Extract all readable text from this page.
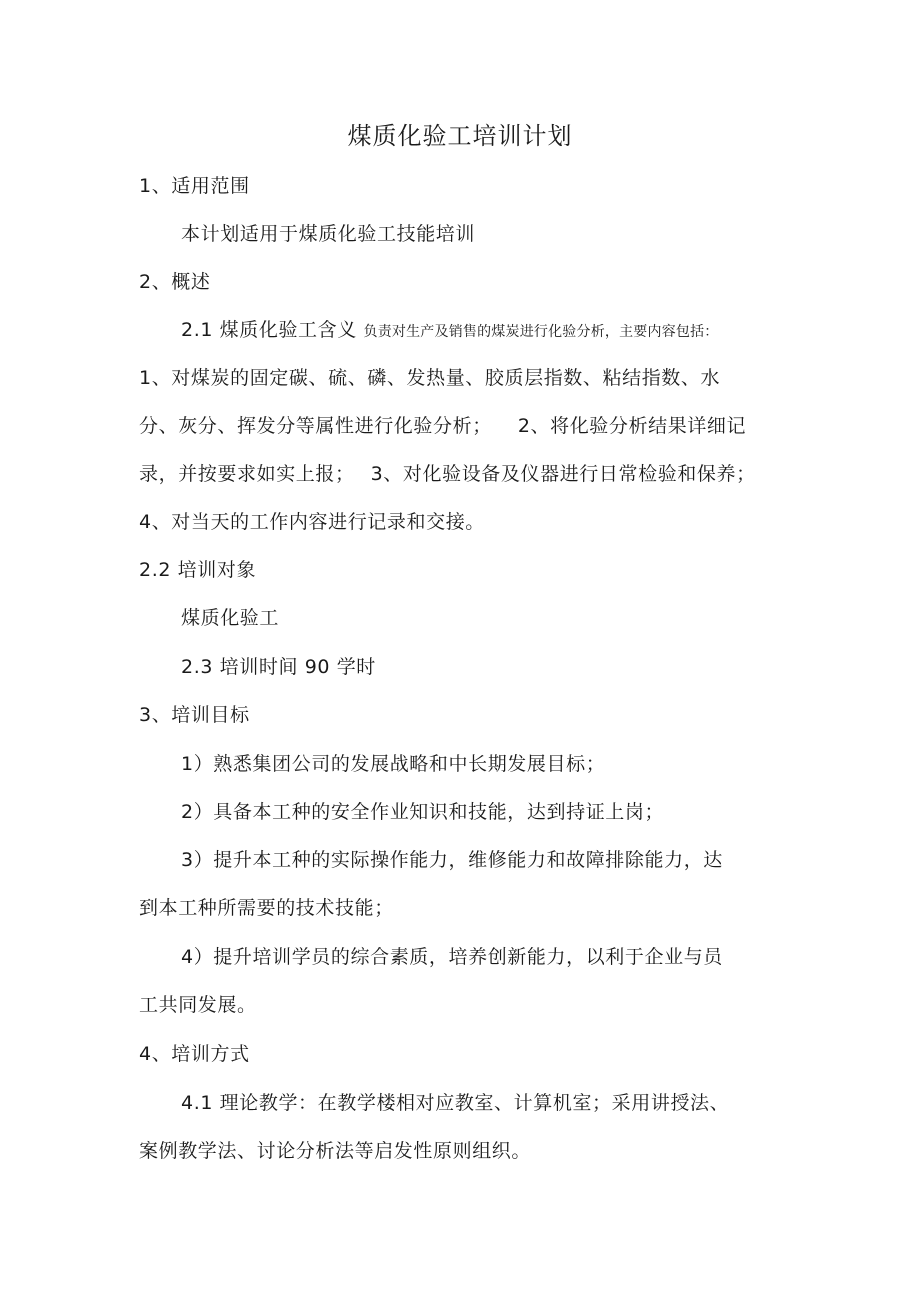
煤质化验工培训计划
1、适用范围
本计划适用于煤质化验工技能培训
2、概述
2.1 煤质化验工含义 负责对生产及销售的煤炭进行化验分析，主要内容包括：
1、对煤炭的固定碳、硫、磷、发热量、胶质层指数、粘结指数、水
分、灰分、挥发分等属性进行化验分析； 2、将化验分析结果详细记
录，并按要求如实上报； 3、对化验设备及仪器进行日常检验和保养；
4、对当天的工作内容进行记录和交接。
2.2 培训对象
煤质化验工
2.3 培训时间 90 学时
3、培训目标
1）熟悉集团公司的发展战略和中长期发展目标；
2）具备本工种的安全作业知识和技能，达到持证上岗；
3）提升本工种的实际操作能力，维修能力和故障排除能力，达
到本工种所需要的技术技能；
4）提升培训学员的综合素质，培养创新能力，以利于企业与员
工共同发展。
4、培训方式
4.1 理论教学：在教学楼相对应教室、计算机室；采用讲授法、
案例教学法、讨论分析法等启发性原则组织。
